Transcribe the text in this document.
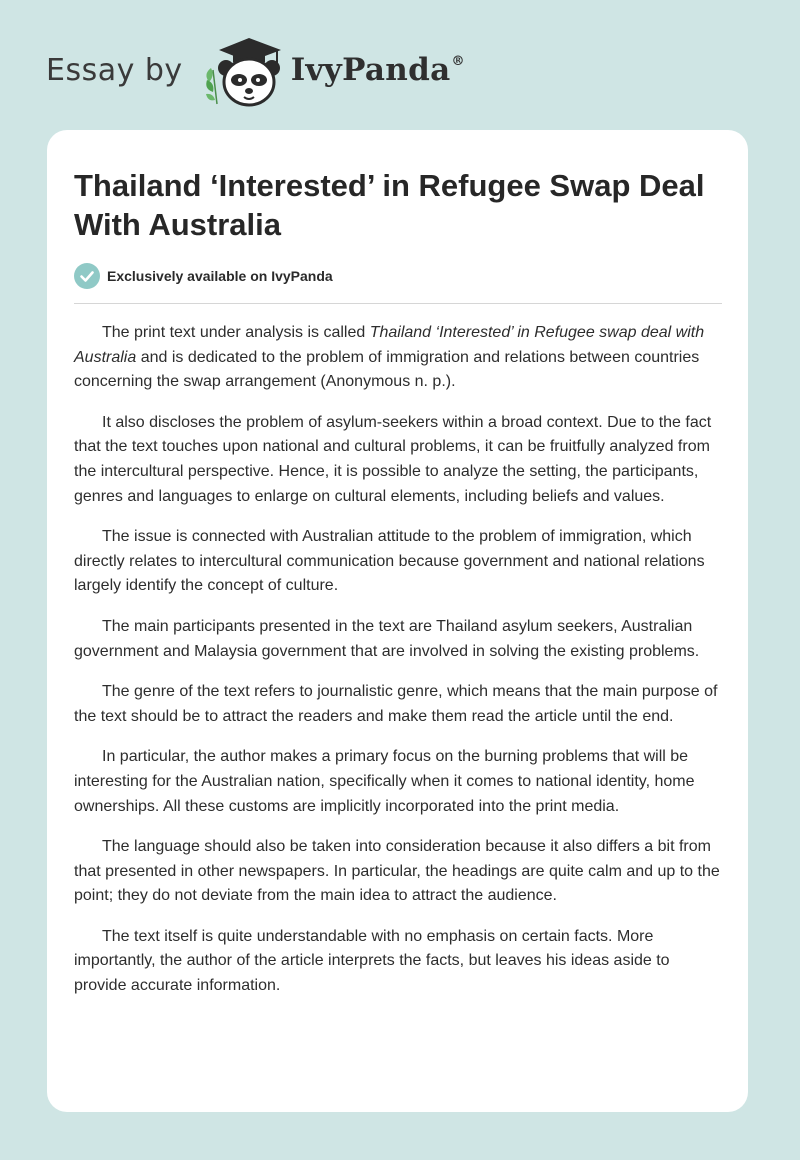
Essay by	IvyPanda®
Thailand ‘Interested’ in Refugee Swap Deal With Australia
Exclusively available on IvyPanda

The print text under analysis is called Thailand ‘Interested’ in Refugee swap deal with Australia and is dedicated to the problem of immigration and relations between countries concerning the swap arrangement (Anonymous n. p.).

It also discloses the problem of asylum-seekers within a broad context. Due to the fact that the text touches upon national and cultural problems, it can be fruitfully analyzed from the intercultural perspective. Hence, it is possible to analyze the setting, the participants, genres and languages to enlarge on cultural elements, including beliefs and values.

The issue is connected with Australian attitude to the problem of immigration, which directly relates to intercultural communication because government and national relations largely identify the concept of culture.

The main participants presented in the text are Thailand asylum seekers, Australian government and Malaysia government that are involved in solving the existing problems.

The genre of the text refers to journalistic genre, which means that the main purpose of the text should be to attract the readers and make them read the article until the end.

In particular, the author makes a primary focus on the burning problems that will be interesting for the Australian nation, specifically when it comes to national identity, home ownerships. All these customs are implicitly incorporated into the print media.

The language should also be taken into consideration because it also differs a bit from that presented in other newspapers. In particular, the headings are quite calm and up to the point; they do not deviate from the main idea to attract the audience.

The text itself is quite understandable with no emphasis on certain facts. More importantly, the author of the article interprets the facts, but leaves his ideas aside to provide accurate information.
